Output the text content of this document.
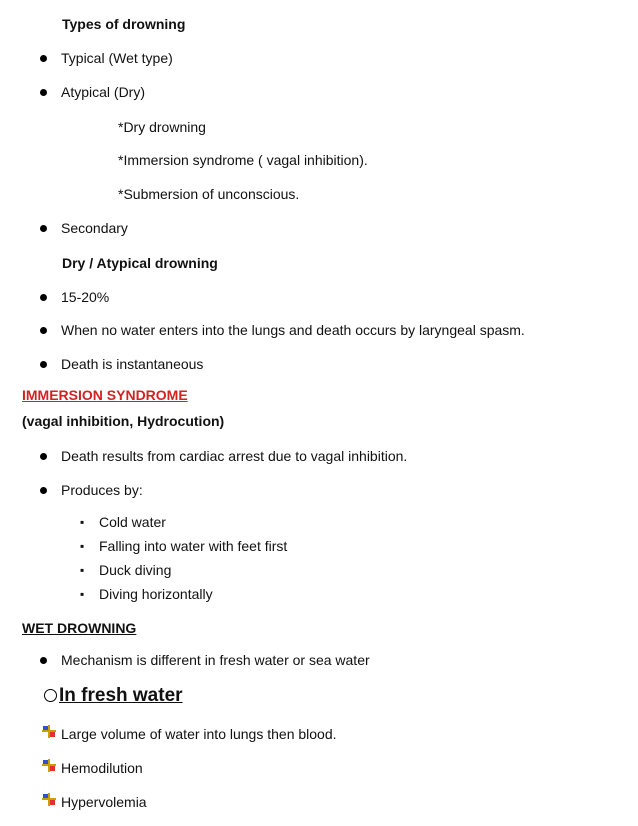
Types of drowning
Typical (Wet type)
Atypical (Dry)
*Dry drowning
*Immersion syndrome ( vagal inhibition).
*Submersion of unconscious.
Secondary
Dry / Atypical drowning
15-20%
When no water enters into the lungs and death occurs by laryngeal spasm.
Death is instantaneous
IMMERSION SYNDROME
(vagal inhibition, Hydrocution)
Death results from cardiac arrest due to vagal inhibition.
Produces by:
▪ Cold water
▪ Falling into water with feet first
▪ Duck diving
▪ Diving horizontally
WET DROWNING
Mechanism is different in fresh water or sea water
In fresh water
Large volume of water into lungs then blood.
Hemodilution
Hypervolemia
